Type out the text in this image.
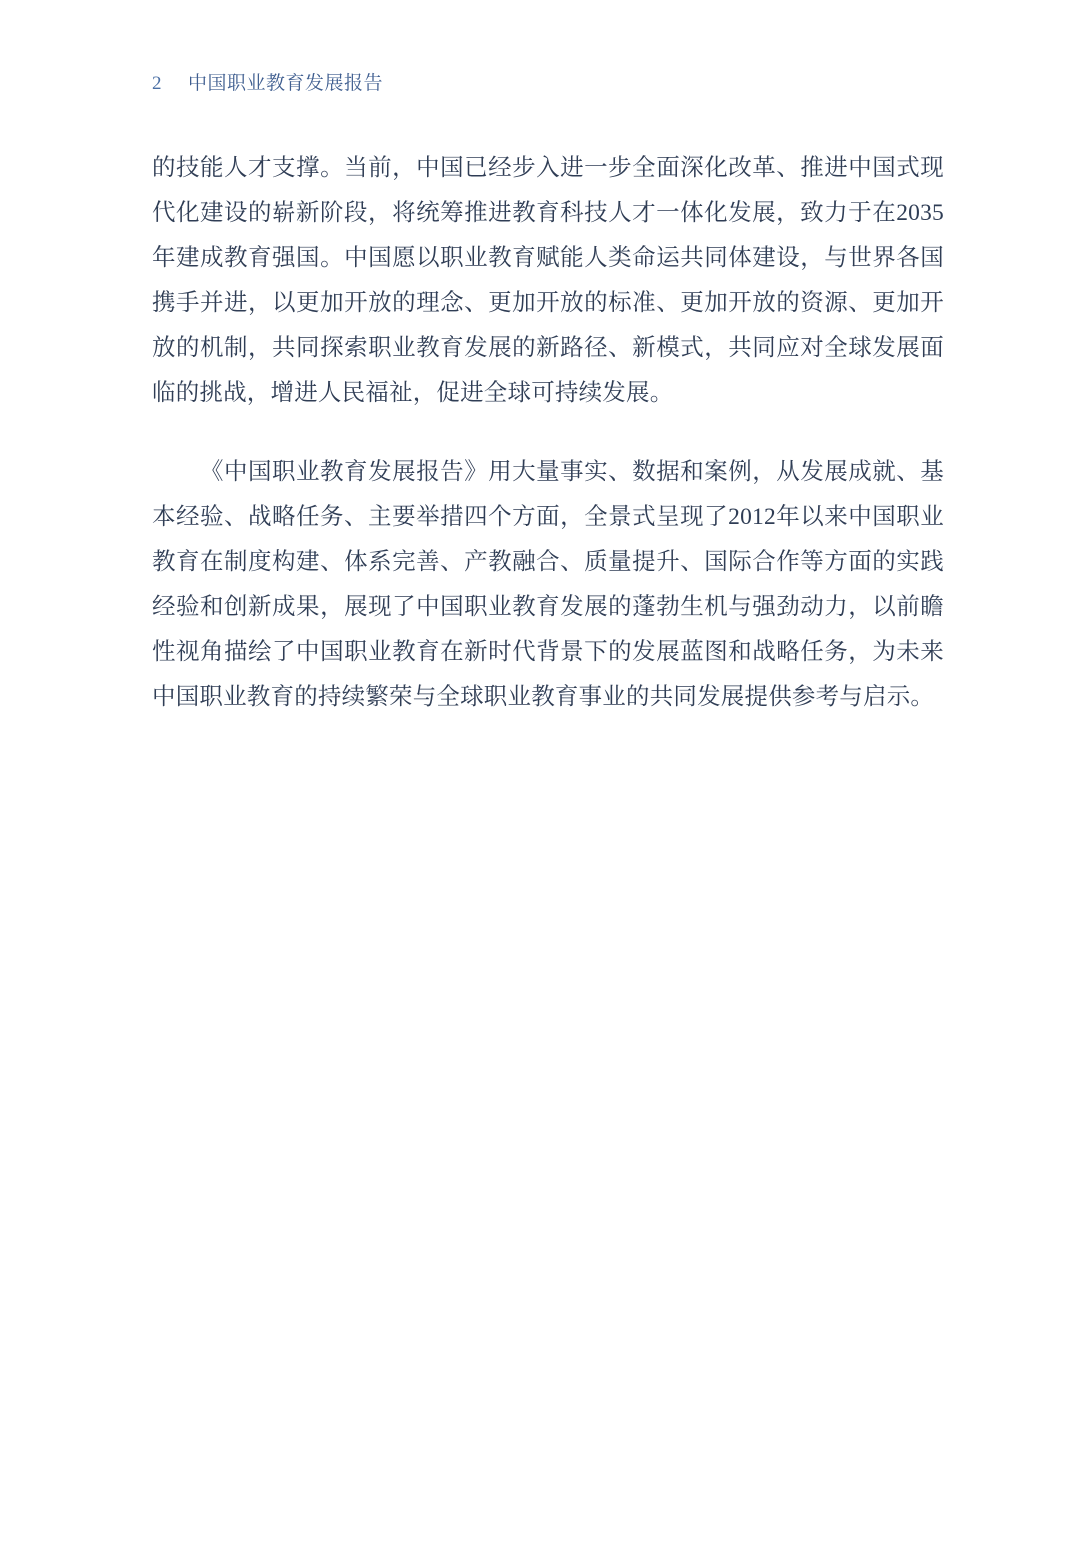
2 中国职业教育发展报告

的技能人才支撑。当前，中国已经步入进一步全面深化改革、推进中国式现代化建设的崭新阶段，将统筹推进教育科技人才一体化发展，致力于在2035年建成教育强国。中国愿以职业教育赋能人类命运共同体建设，与世界各国携手并进，以更加开放的理念、更加开放的标准、更加开放的资源、更加开放的机制，共同探索职业教育发展的新路径、新模式，共同应对全球发展面临的挑战，增进人民福祉，促进全球可持续发展。

《中国职业教育发展报告》用大量事实、数据和案例，从发展成就、基本经验、战略任务、主要举措四个方面，全景式呈现了2012年以来中国职业教育在制度构建、体系完善、产教融合、质量提升、国际合作等方面的实践经验和创新成果，展现了中国职业教育发展的蓬勃生机与强劲动力，以前瞻性视角描绘了中国职业教育在新时代背景下的发展蓝图和战略任务，为未来中国职业教育的持续繁荣与全球职业教育事业的共同发展提供参考与启示。
